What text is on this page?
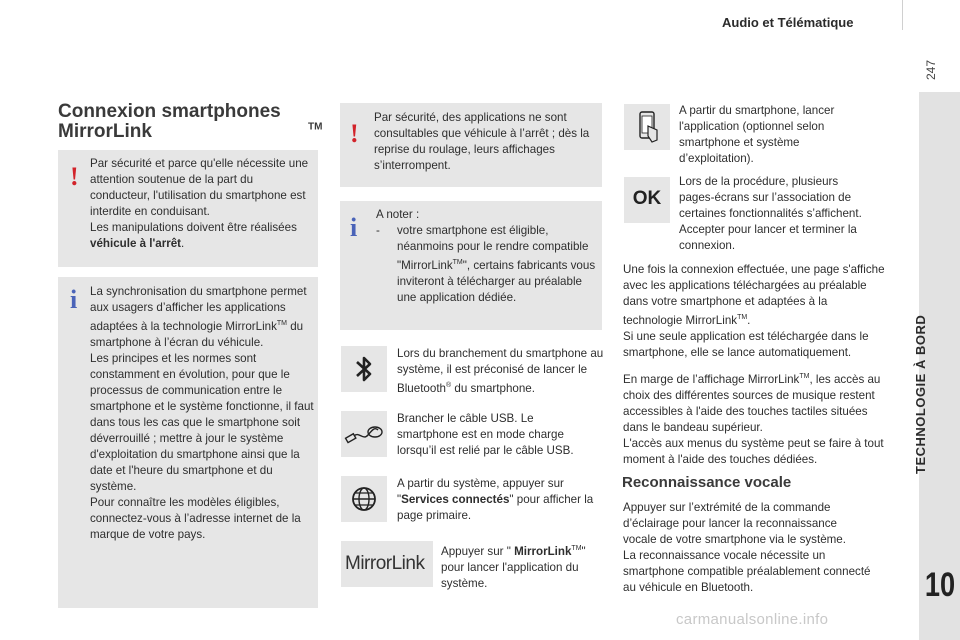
Audio et Télématique
247
TECHNOLOGIE À BORD
10
Connexion smartphones MirrorLink	™
! Par sécurité et parce qu'elle nécessite une attention soutenue de la part du conducteur, l'utilisation du smartphone est interdite en conduisant.

Les manipulations doivent être réalisées véhicule à l'arrêt.

i La synchronisation du smartphone permet aux usagers d’afficher les applications adaptées à la technologie MirrorLink™ du smartphone à l’écran du véhicule.

Les principes et les normes sont constamment en évolution, pour que le processus de communication entre le smartphone et le système fonctionne, il faut dans tous les cas que le smartphone soit déverrouillé ; mettre à jour le système d'exploitation du smartphone ainsi que la date et l'heure du smartphone et du système.

Pour connaître les modèles éligibles, connectez-vous à l’adresse internet de la marque de votre pays.

!
Par sécurité, des applications ne sont consultables que véhicule à l’arrêt ; dès la reprise du roulage, leurs affichages s’interrompent.
i A noter :

- votre smartphone est éligible, néanmoins pour le rendre compatible "MirrorLink™", certains fabricants vous inviteront à télécharger au préalable une application dédiée.
Lors du branchement du smartphone au système, il est préconisé de lancer le Bluetooth® du smartphone.
Brancher le câble USB. Le smartphone est en mode charge lorsqu’il est relié par le câble USB.
A partir du système, appuyer sur "Services connectés" pour afficher la page primaire.
MirrorLink
Appuyer sur " MirrorLink™" pour lancer l'application du système.
A partir du smartphone, lancer l'application (optionnel selon smartphone et système d’exploitation).
OK
Lors de la procédure, plusieurs pages-écrans sur l’association de certaines fonctionnalités s’affichent. Accepter pour lancer et terminer la connexion.

Une fois la connexion effectuée, une page s'affiche avec les applications téléchargées au préalable dans votre smartphone et adaptées à la technologie MirrorLink™.

Si une seule application est téléchargée dans le smartphone, elle se lance automatiquement.

En marge de l’affichage MirrorLink™, les accès au choix des différentes sources de musique restent accessibles à l'aide des touches tactiles situées dans le bandeau supérieur.

L'accès aux menus du système peut se faire à tout moment à l'aide des touches dédiées.

Reconnaissance vocale

Appuyer sur l’extrémité de la commande d’éclairage pour lancer la reconnaissance vocale de votre smartphone via le système.

La reconnaissance vocale nécessite un smartphone compatible préalablement connecté au véhicule en Bluetooth.

carmanualsonline.info
